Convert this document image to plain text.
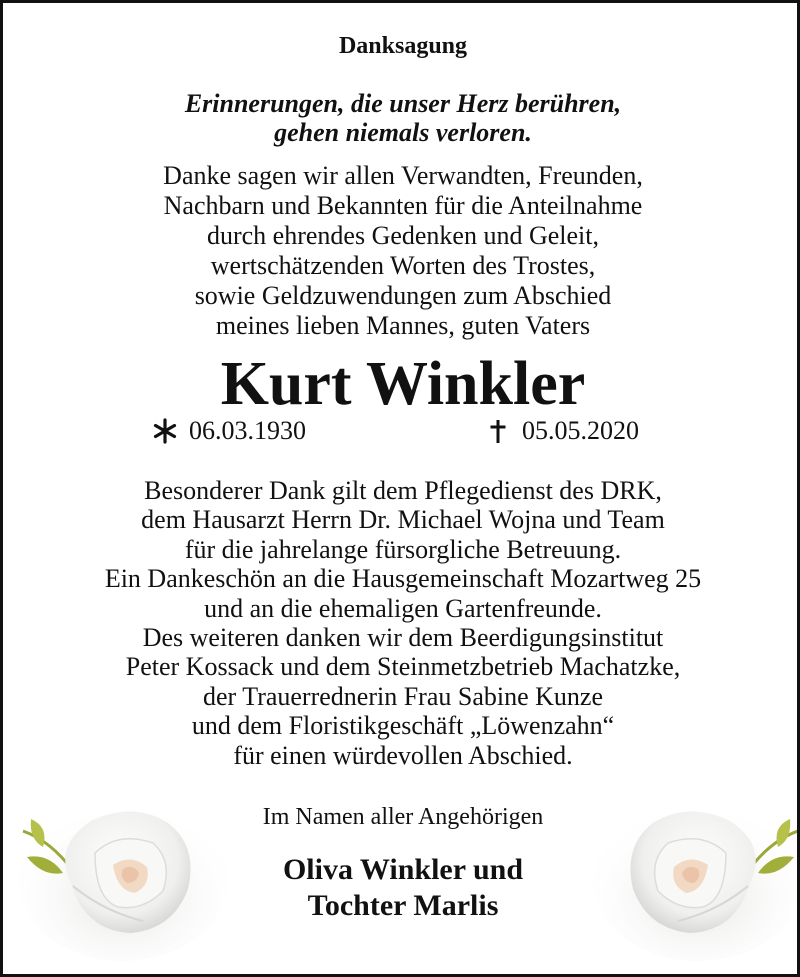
Danksagung
Erinnerungen, die unser Herz berühren,
gehen niemals verloren.
Danke sagen wir allen Verwandten, Freunden,
Nachbarn und Bekannten für die Anteilnahme
durch ehrendes Gedenken und Geleit,
wertschätzenden Worten des Trostes,
sowie Geldzuwendungen zum Abschied
meines lieben Mannes, guten Vaters
Kurt Winkler
06.03.1930	05.05.2020
Besonderer Dank gilt dem Pflegedienst des DRK,
dem Hausarzt Herrn Dr. Michael Wojna und Team
für die jahrelange fürsorgliche Betreuung.
Ein Dankeschön an die Hausgemeinschaft Mozartweg 25
und an die ehemaligen Gartenfreunde.
Des weiteren danken wir dem Beerdigungsinstitut
Peter Kossack und dem Steinmetzbetrieb Machatzke,
der Trauerrednerin Frau Sabine Kunze
und dem Floristikgeschäft „Löwenzahn“
für einen würdevollen Abschied.
Im Namen aller Angehörigen
Oliva Winkler und
Tochter Marlis
